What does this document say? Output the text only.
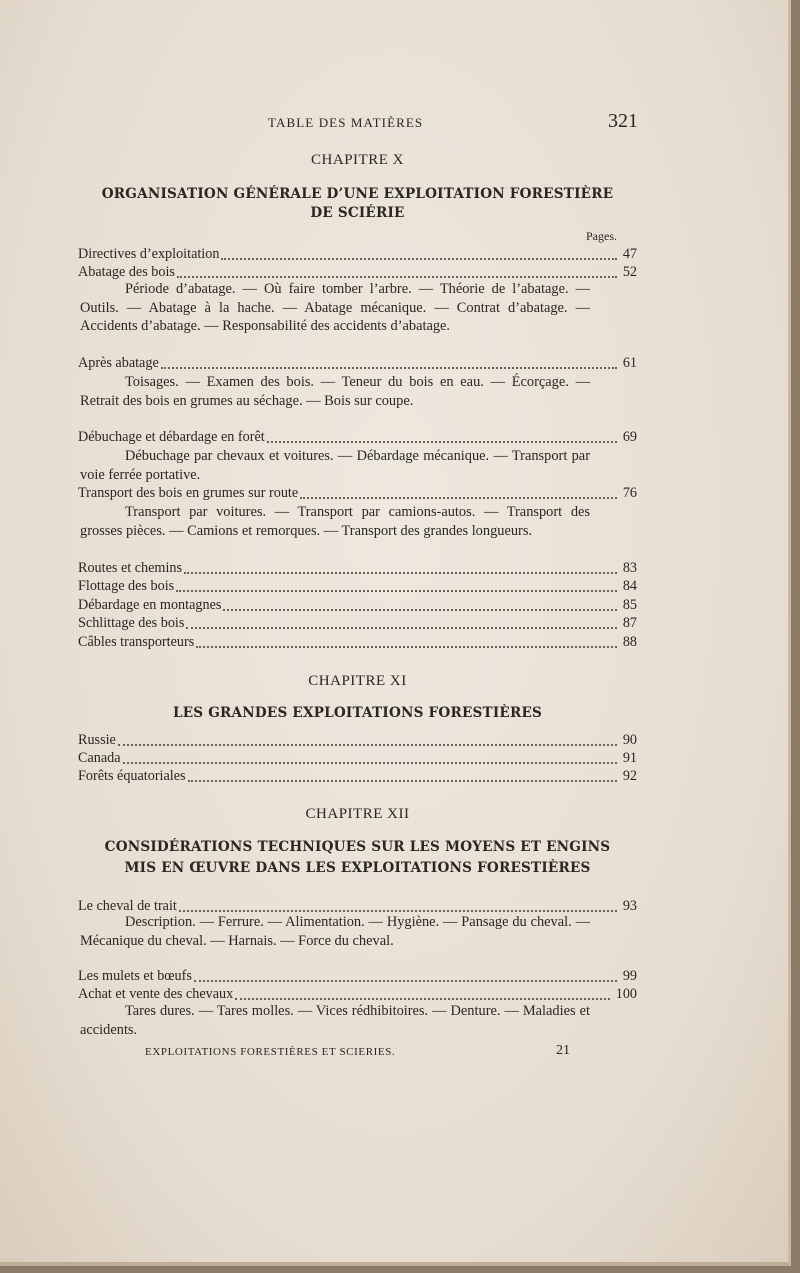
TABLE DES MATIÈRES	321
CHAPITRE X
ORGANISATION GÉNÉRALE D’UNE EXPLOITATION FORESTIÈRE
DE SCIÉRIE
Pages.
Directives d’exploitation	47
Abatage des bois	52
Période d’abatage. — Où faire tomber l’arbre. — Théorie de l’abatage. — Outils. — Abatage à la hache. — Abatage mécanique. — Contrat d’abatage. — Accidents d’abatage. — Responsabilité des accidents d’abatage.
Après abatage	61
Toisages. — Examen des bois. — Teneur du bois en eau. — Écorçage. — Retrait des bois en grumes au séchage. — Bois sur coupe.
Débuchage et débardage en forêt	69
Débuchage par chevaux et voitures. — Débardage mécanique. — Transport par voie ferrée portative.
Transport des bois en grumes sur route	76
Transport par voitures. — Transport par camions-autos. — Transport des grosses pièces. — Camions et remorques. — Transport des grandes longueurs.
Routes et chemins	83
Flottage des bois	84
Débardage en montagnes	85
Schlittage des bois	87
Câbles transporteurs	88
CHAPITRE XI
LES GRANDES EXPLOITATIONS FORESTIÈRES
Russie	90
Canada	91
Forêts équatoriales	92
CHAPITRE XII
CONSIDÉRATIONS TECHNIQUES SUR LES MOYENS ET ENGINS
MIS EN ŒUVRE DANS LES EXPLOITATIONS FORESTIÈRES
Le cheval de trait	93
Description. — Ferrure. — Alimentation. — Hygiène. — Pansage du cheval. — Mécanique du cheval. — Harnais. — Force du cheval.
Les mulets et bœufs	99
Achat et vente des chevaux	100
Tares dures. — Tares molles. — Vices rédhibitoires. — Denture. — Maladies et accidents.
EXPLOITATIONS FORESTIÈRES ET SCIERIES.	21
